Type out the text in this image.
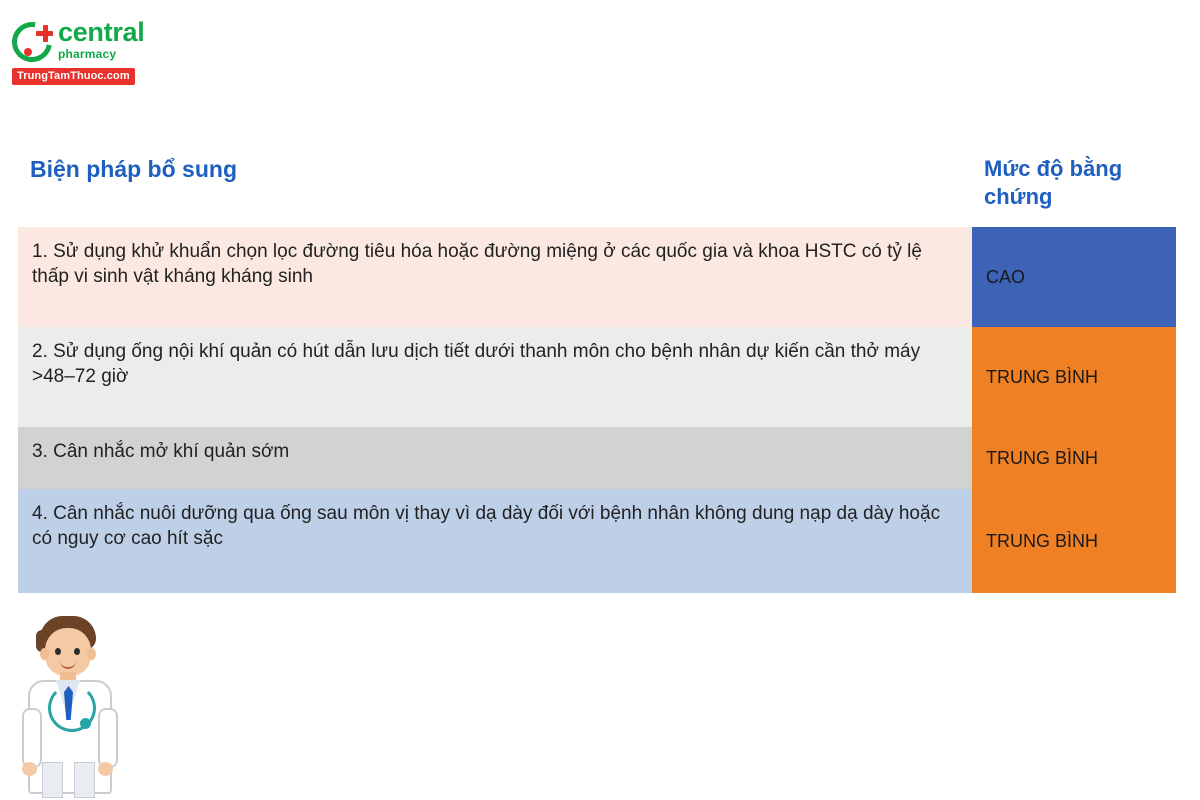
central
pharmacy
TrungTamThuoc.com
Biện pháp bổ sung	Mức độ bằng chứng
1. Sử dụng khử khuẩn chọn lọc đường tiêu hóa hoặc đường miệng ở các quốc gia và khoa HSTC có tỷ lệ thấp vi sinh vật kháng kháng sinh
2. Sử dụng ống nội khí quản có hút dẫn lưu dịch tiết dưới thanh môn cho bệnh nhân dự kiến cần thở máy >48–72 giờ
3. Cân nhắc mở khí quản sớm
4. Cân nhắc nuôi dưỡng qua ống sau môn vị thay vì dạ dày đối với bệnh nhân không dung nạp dạ dày hoặc có nguy cơ cao hít sặc
CAO
TRUNG BÌNH
TRUNG BÌNH
TRUNG BÌNH
